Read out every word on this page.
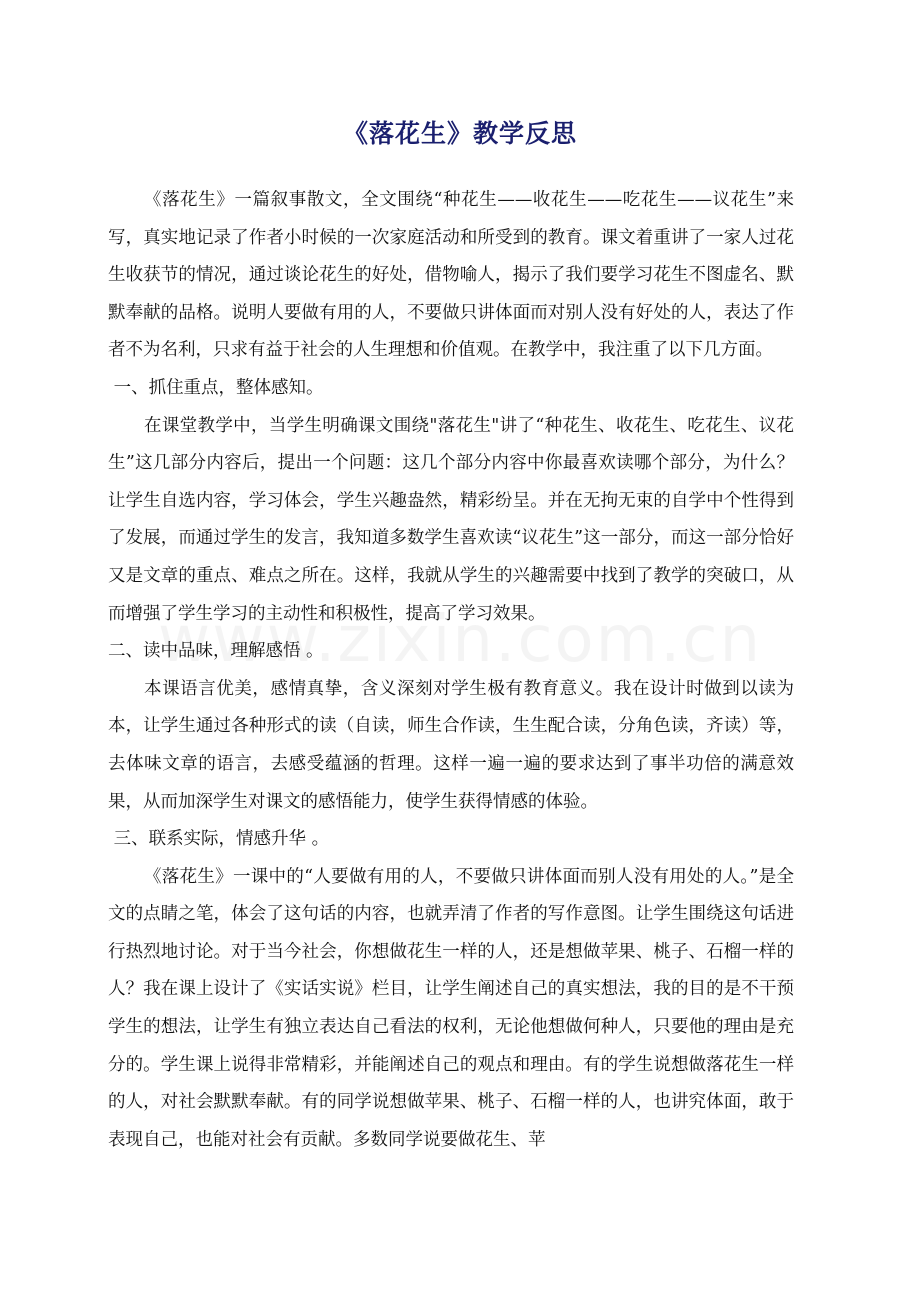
《落花生》教学反思

《落花生》一篇叙事散文，全文围绕“种花生——收花生——吃花生——议花生”来写，真实地记录了作者小时候的一次家庭活动和所受到的教育。课文着重讲了一家人过花生收获节的情况，通过谈论花生的好处，借物喻人，揭示了我们要学习花生不图虚名、默默奉献的品格。说明人要做有用的人，不要做只讲体面而对别人没有好处的人，表达了作者不为名利，只求有益于社会的人生理想和价值观。在教学中，我注重了以下几方面。

一、抓住重点，整体感知。

在课堂教学中，当学生明确课文围绕"落花生"讲了“种花生、收花生、吃花生、议花生”这几部分内容后，提出一个问题：这几个部分内容中你最喜欢读哪个部分，为什么？让学生自选内容，学习体会，学生兴趣盎然，精彩纷呈。并在无拘无束的自学中个性得到了发展，而通过学生的发言，我知道多数学生喜欢读“议花生”这一部分，而这一部分恰好又是文章的重点、难点之所在。这样，我就从学生的兴趣需要中找到了教学的突破口，从而增强了学生学习的主动性和积极性，提高了学习效果。

二、读中品味，理解感悟 。

本课语言优美，感情真挚，含义深刻对学生极有教育意义。我在设计时做到以读为本，让学生通过各种形式的读（自读，师生合作读，生生配合读，分角色读，齐读）等，去体味文章的语言，去感受蕴涵的哲理。这样一遍一遍的要求达到了事半功倍的满意效果，从而加深学生对课文的感悟能力，使学生获得情感的体验。

三、联系实际，情感升华 。

《落花生》一课中的“人要做有用的人，不要做只讲体面而别人没有用处的人。”是全文的点睛之笔，体会了这句话的内容，也就弄清了作者的写作意图。让学生围绕这句话进行热烈地讨论。对于当今社会，你想做花生一样的人，还是想做苹果、桃子、石榴一样的人？我在课上设计了《实话实说》栏目，让学生阐述自己的真实想法，我的目的是不干预学生的想法，让学生有独立表达自己看法的权利，无论他想做何种人，只要他的理由是充分的。学生课上说得非常精彩，并能阐述自己的观点和理由。有的学生说想做落花生一样的人，对社会默默奉献。有的同学说想做苹果、桃子、石榴一样的人，也讲究体面，敢于表现自己，也能对社会有贡献。多数同学说要做花生、苹
